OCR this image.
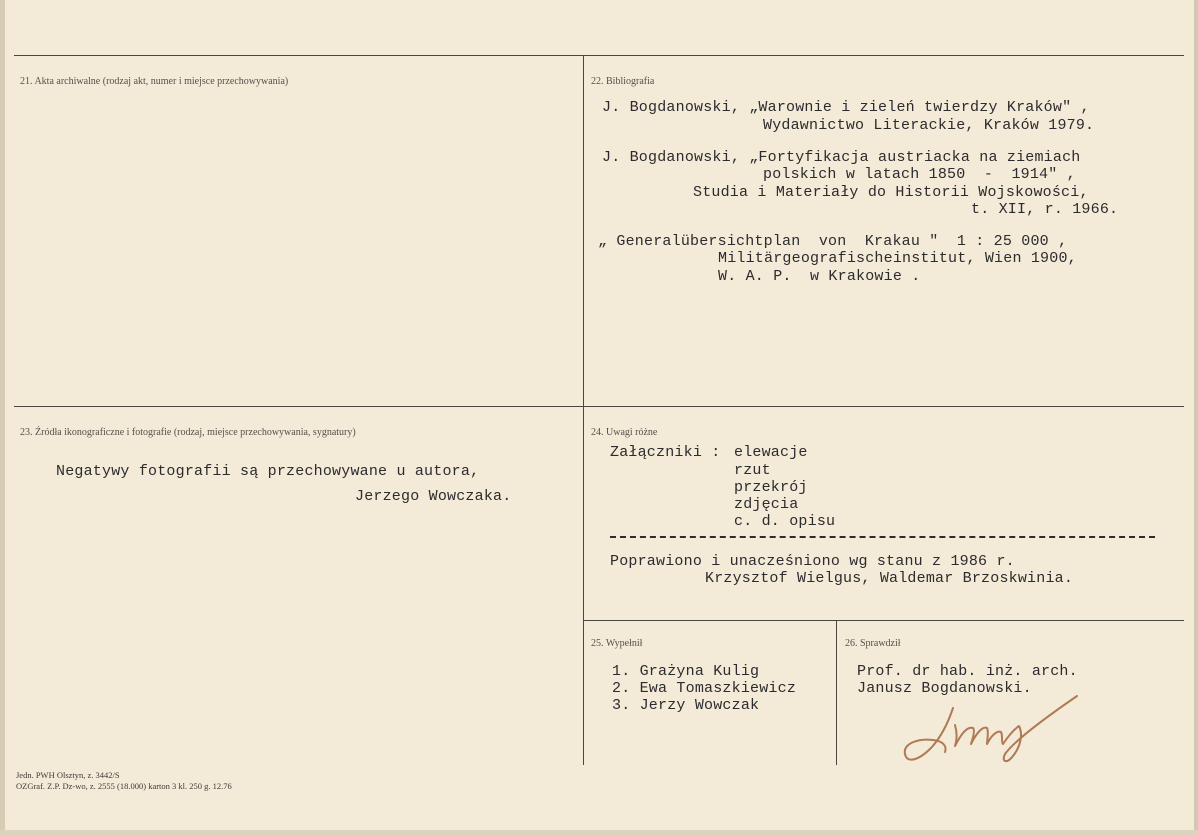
21. Akta archiwalne (rodzaj akt, numer i miejsce przechowywania)	22. Bibliografia
J. Bogdanowski, „Warownie i zieleń twierdzy Kraków" ,
Wydawnictwo Literackie, Kraków 1979.
J. Bogdanowski, „Fortyfikacja austriacka na ziemiach
polskich w latach 1850  -  1914" ,
Studia i Materiały do Historii Wojskowości,
t. XII, r. 1966.
„ Generalübersichtplan  von  Krakau "  1 : 25 000 ,
Militärgeografischeinstitut, Wien 1900,
W. A. P.  w Krakowie .
23. Źródła ikonograficzne i fotografie (rodzaj, miejsce przechowywania, sygnatury)
Negatywy fotografii są przechowywane u autora,
Jerzego Wowczaka.
24. Uwagi różne
Załączniki : elewacje
rzut
przekrój
zdjęcia
c. d. opisu
Poprawiono i unacześniono wg stanu z 1986 r.
Krzysztof Wielgus, Waldemar Brzoskwinia.
25. Wypełnił
1. Grażyna Kulig
2. Ewa Tomaszkiewicz
3. Jerzy Wowczak
26. Sprawdził
Prof. dr hab. inż. arch.
Janusz Bogdanowski.
Jedn. PWH Olsztyn, z. 3442/S
OZGraf. Z.P. Dz-wo, z. 2555 (18.000) karton 3 kl. 250 g. 12.76
